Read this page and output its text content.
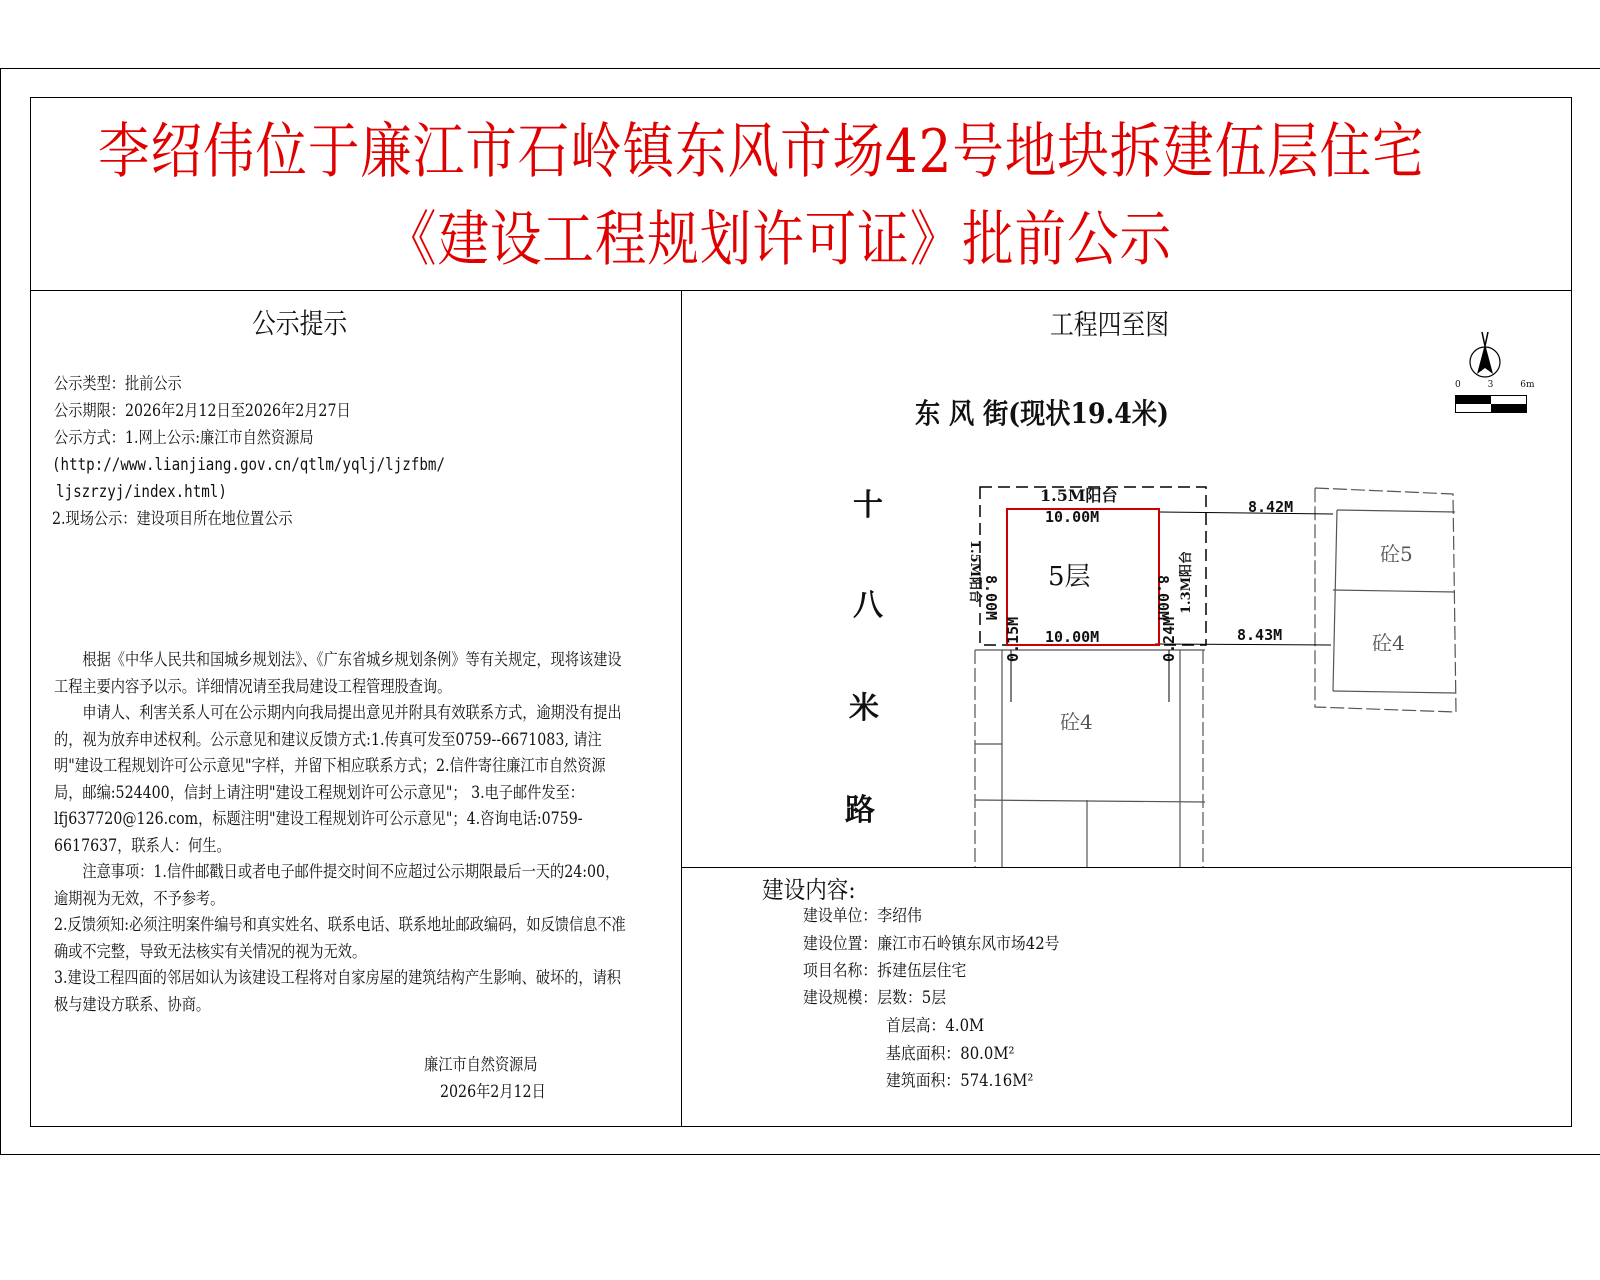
李绍伟位于廉江市石岭镇东风市场42号地块拆建伍层住宅
《建设工程规划许可证》批前公示
公示提示
公示类型：批前公示
公示期限：2026年2月12日至2026年2月27日
公示方式：1.网上公示:廉江市自然资源局
(http://www.lianjiang.gov.cn/qtlm/yqlj/ljzfbm/
ljszrzyj/index.html)
2.现场公示：建设项目所在地位置公示
　　根据《中华人民共和国城乡规划法》、《广东省城乡规划条例》等有关规定，现将该建设工程主要内容予以示。详细情况请至我局建设工程管理股查询。
　　申请人、利害关系人可在公示期内向我局提出意见并附具有效联系方式，逾期没有提出的，视为放弃申述权利。公示意见和建议反馈方式:1.传真可发至0759--6671083, 请注明"建设工程规划许可公示意见"字样，并留下相应联系方式；2.信件寄往廉江市自然资源局，邮编:524400，信封上请注明"建设工程规划许可公示意见"； 3.电子邮件发至：lfj637720@126.com，标题注明"建设工程规划许可公示意见"；4.咨询电话:0759-6617637，联系人：何生。
　　注意事项：1.信件邮戳日或者电子邮件提交时间不应超过公示期限最后一天的24:00，逾期视为无效，不予参考。
2.反馈须知:必须注明案件编号和真实姓名、联系电话、联系地址邮政编码，如反馈信息不准确或不完整，导致无法核实有关情况的视为无效。
3.建设工程四面的邻居如认为该建设工程将对自家房屋的建筑结构产生影响、破坏的，请积极与建设方联系、协商。
廉江市自然资源局
2026年2月12日
工程四至图
0	3	6m
东 风 街(现状19.4米)
十
八
米
路
1.5M阳台
10.00M
10.00M
5层
8.00M	8.00M
1.5M阳台	1.3M阳台
8.42M
8.43M
0.15M	0.24M
砼5
砼4
砼4
建设内容:
建设单位：李绍伟
建设位置：廉江市石岭镇东风市场42号
项目名称：拆建伍层住宅
建设规模：层数：5层
首层高：4.0M
基底面积：80.0M²
建筑面积：574.16M²
